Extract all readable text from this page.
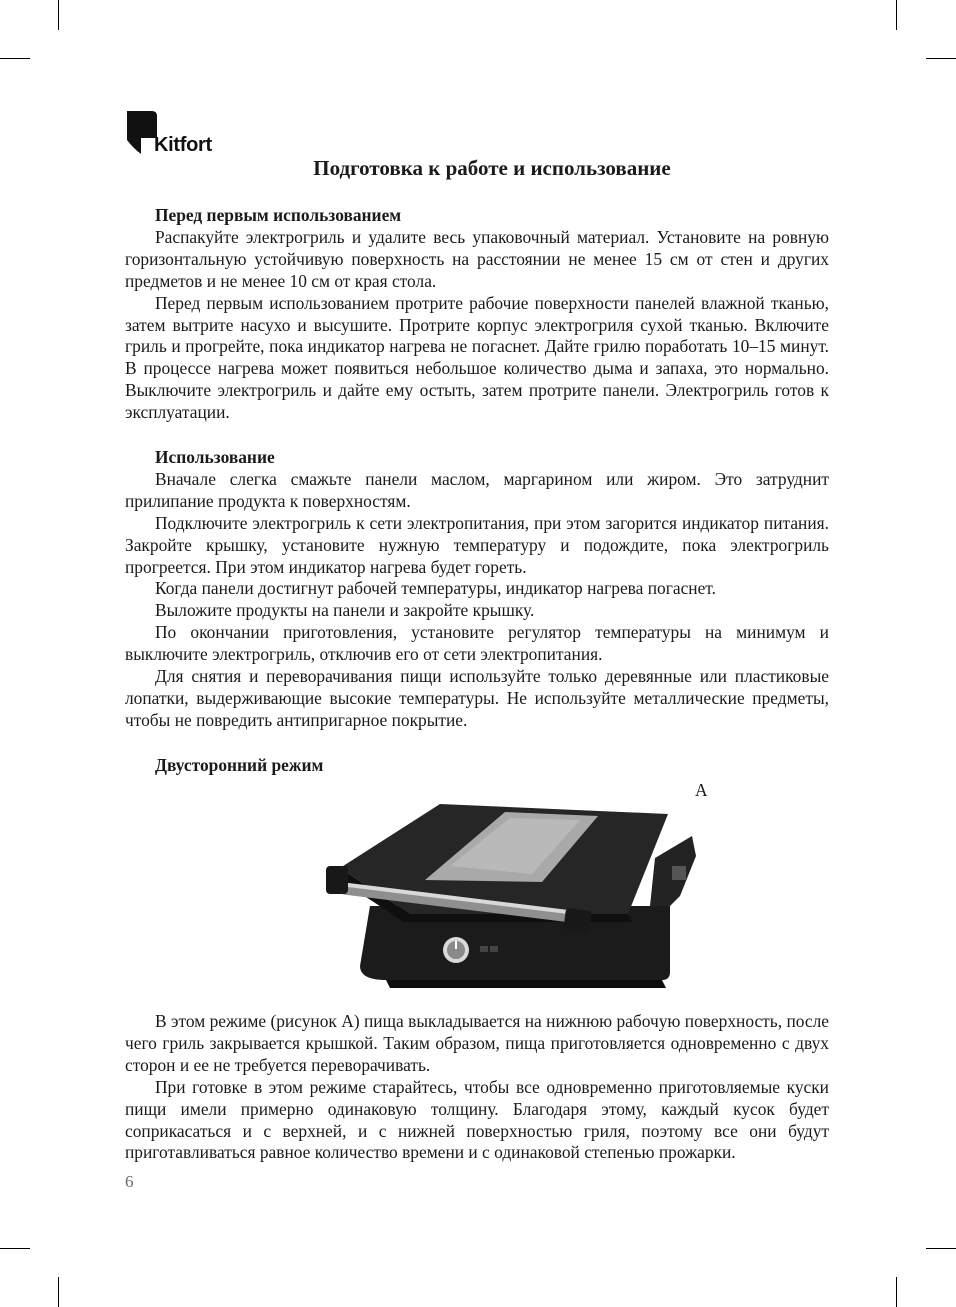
Kitfort
Подготовка к работе и использование
Перед первым использованием

Распакуйте электрогриль и удалите весь упаковочный материал. Установите на ровную горизонтальную устойчивую поверхность на расстоянии не менее 15 см от стен и других предметов и не менее 10 см от края стола.

Перед первым использованием протрите рабочие поверхности панелей влажной тканью, затем вытрите насухо и высушите. Протрите корпус электрогриля сухой тканью. Включите гриль и прогрейте, пока индикатор нагрева не погаснет. Дайте грилю поработать 10–15 минут. В процессе нагрева может появиться небольшое количество дыма и запаха, это нормально. Выключите электрогриль и дайте ему остыть, затем протрите панели. Электрогриль готов к эксплуатации.

Использование

Вначале слегка смажьте панели маслом, маргарином или жиром. Это затруднит прилипание продукта к поверхностям.

Подключите электрогриль к сети электропитания, при этом загорится индикатор питания. Закройте крышку, установите нужную температуру и подождите, пока электрогриль прогреется. При этом индикатор нагрева будет гореть.

Когда панели достигнут рабочей температуры, индикатор нагрева погаснет.

Выложите продукты на панели и закройте крышку.

По окончании приготовления, установите регулятор температуры на минимум и выключите электрогриль, отключив его от сети электропитания.

Для снятия и переворачивания пищи используйте только деревянные или пластиковые лопатки, выдерживающие высокие температуры. Не используйте металлические предметы, чтобы не повредить антипригарное покрытие.

Двусторонний режим
A

В этом режиме (рисунок А) пища выкладывается на нижнюю рабочую поверхность, после чего гриль закрывается крышкой. Таким образом, пища приготовляется одновременно с двух сторон и ее не требуется переворачивать.

При готовке в этом режиме старайтесь, чтобы все одновременно приготовляемые куски пищи имели примерно одинаковую толщину. Благодаря этому, каждый кусок будет соприкасаться и с верхней, и с нижней поверхностью гриля, поэтому все они будут приготавливаться равное количество времени и с одинаковой степенью прожарки.

6
